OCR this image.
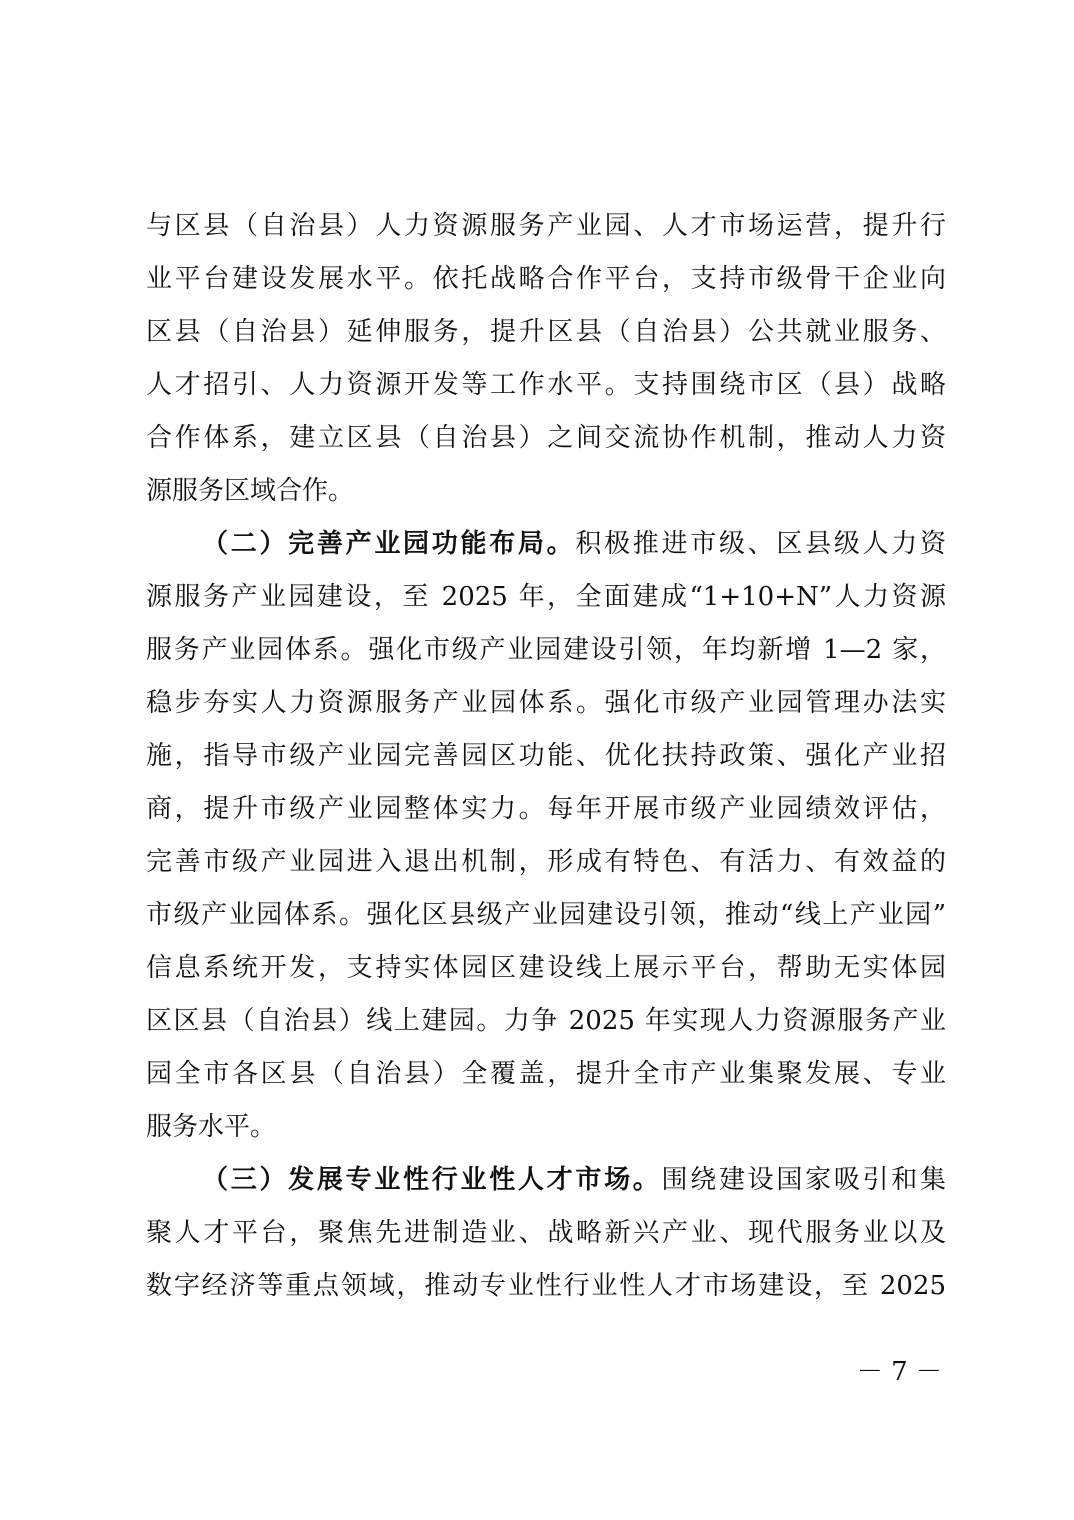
与区县（自治县）人力资源服务产业园、人才市场运营，提升行
业平台建设发展水平。依托战略合作平台，支持市级骨干企业向
区县（自治县）延伸服务，提升区县（自治县）公共就业服务、
人才招引、人力资源开发等工作水平。支持围绕市区（县）战略
合作体系，建立区县（自治县）之间交流协作机制，推动人力资
源服务区域合作。
（二）完善产业园功能布局。积极推进市级、区县级人力资
源服务产业园建设，至 2025 年，全面建成“1+10+N”人力资源
服务产业园体系。强化市级产业园建设引领，年均新增 1—2 家，
稳步夯实人力资源服务产业园体系。强化市级产业园管理办法实
施，指导市级产业园完善园区功能、优化扶持政策、强化产业招
商，提升市级产业园整体实力。每年开展市级产业园绩效评估，
完善市级产业园进入退出机制，形成有特色、有活力、有效益的
市级产业园体系。强化区县级产业园建设引领，推动“线上产业园”
信息系统开发，支持实体园区建设线上展示平台，帮助无实体园
区区县（自治县）线上建园。力争 2025 年实现人力资源服务产业
园全市各区县（自治县）全覆盖，提升全市产业集聚发展、专业
服务水平。
（三）发展专业性行业性人才市场。围绕建设国家吸引和集
聚人才平台，聚焦先进制造业、战略新兴产业、现代服务业以及
数字经济等重点领域，推动专业性行业性人才市场建设，至 2025
－ 7 －
